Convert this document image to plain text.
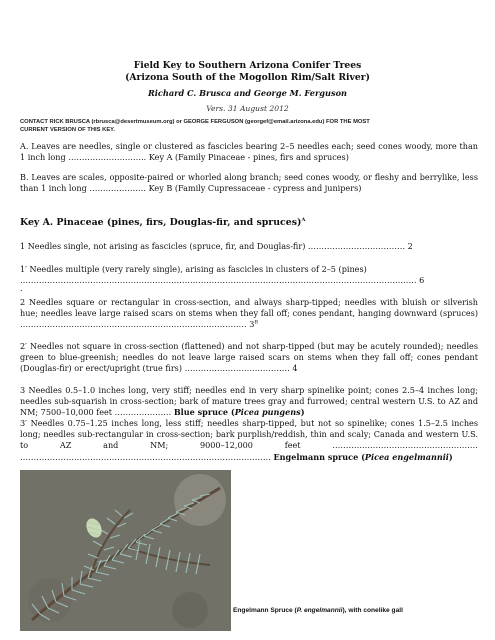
Field Key to Southern Arizona Conifer Trees
(Arizona South of the Mogollon Rim/Salt River)
Richard C. Brusca and George M. Ferguson
Vers. 31 August 2012
CONTACT RICK BRUSCA (rbrusca@desertmuseum.org) or GEORGE FERGUSON (georgef@email.arizona.edu) FOR THE MOST
CURRENT VERSION OF THIS KEY.
A. Leaves are needles, single or clustered as fascicles bearing 2–5 needles each; seed cones woody, more than 1 inch long ……………………….. Key A (Family Pinaceae - pines, firs and spruces)
B. Leaves are scales, opposite-paired or whorled along branch; seed cones woody, or fleshy and berrylike, less than 1 inch long ………………… Key B (Family Cupressaceae - cypress and junipers)
Key A. Pinaceae (pines, firs, Douglas-fir, and spruces)$^A$
1 Needles single, not arising as fascicles (spruce, fir, and Douglas-fir) ……………………………… 2
1′ Needles multiple (very rarely single), arising as fascicles in clusters of 2–5 (pines)
………………………………………………………………………………………………………………………………… 6
.
2 Needles square or rectangular in cross-section, and always sharp-tipped; needles with bluish or silverish hue; needles leave large raised scars on stems when they fall off; cones pendant, hanging downward (spruces) ………………………………………………………………………… $3^B$
2′ Needles not square in cross-section (flattened) and not sharp-tipped (but may be acutely rounded); needles green to blue-greenish; needles do not leave large raised scars on stems when they fall off; cones pendant (Douglas-fir) or erect/upright (true firs) ………………………………… 4
3 Needles 0.5–1.0 inches long, very stiff; needles end in very sharp spinelike point; cones 2.5–4 inches long; needles sub-squarish in cross-section; bark of mature trees gray and furrowed; central western U.S. to AZ and NM; 7500–10,000 feet ………………… Blue spruce (Picea pungens)
3′ Needles 0.75–1.25 inches long, less stiff; needles sharp-tipped, but not so spinelike; cones 1.5–2.5 inches long; needles sub-rectangular in cross-section; bark purplish/reddish, thin and scaly; Canada and western U.S. to AZ and NM; 9000–12,000 feet ……………………………………………… ………………………………………………………………………………… Engelmann spruce (Picea engelmannii)
Engelmann Spruce (P. engelmannii), with conelike gall
